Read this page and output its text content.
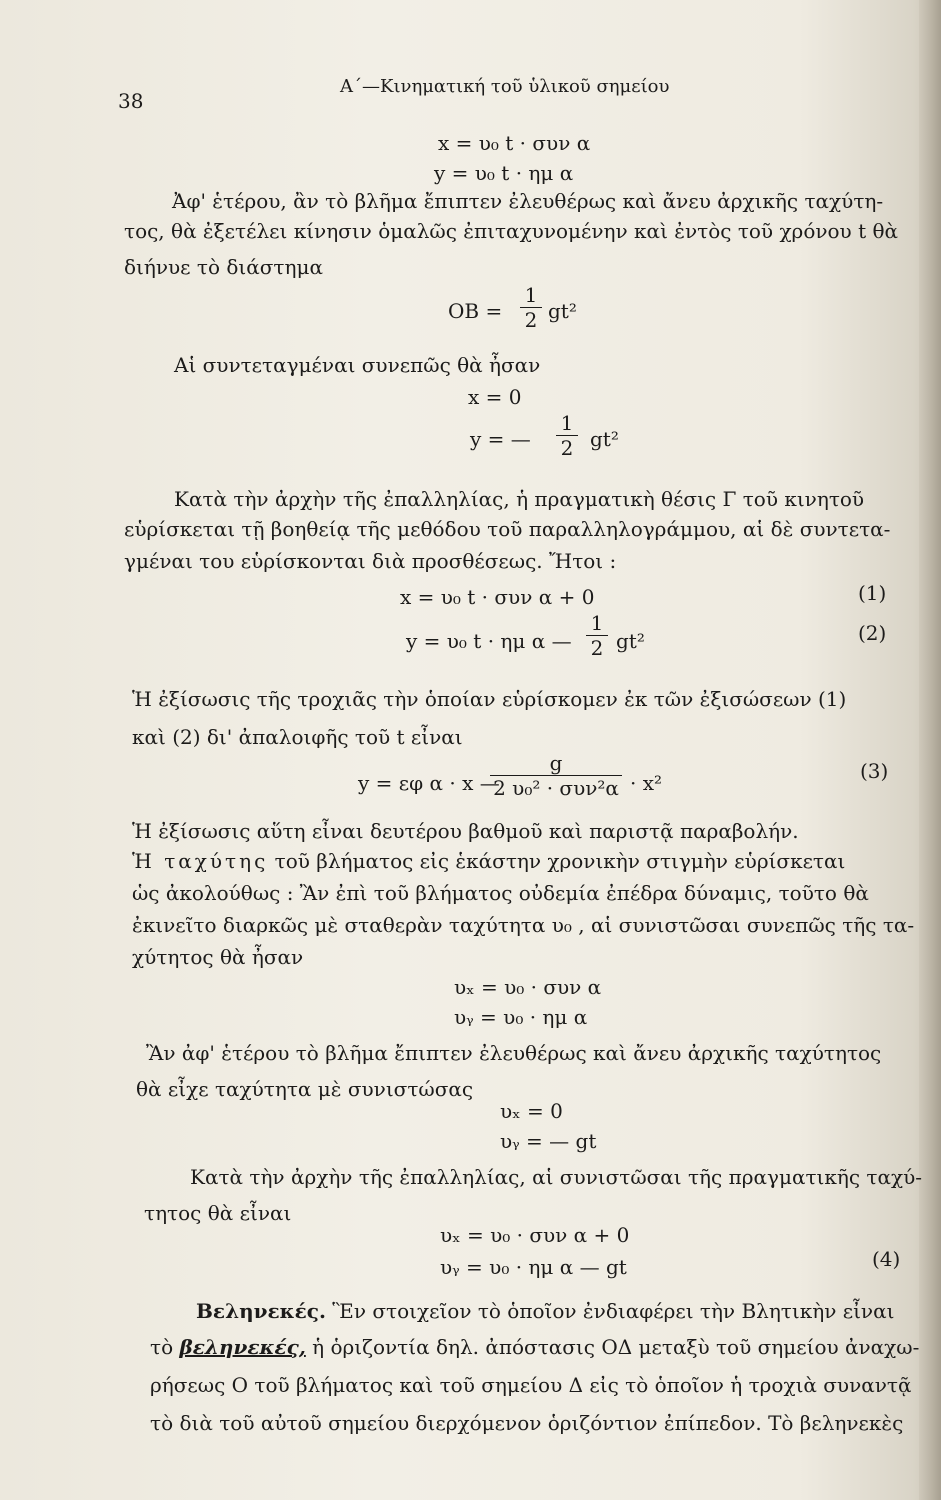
38
Α΄—Κινηματική τοῦ ὑλικοῦ σημείου
x = υ₀ t · συν α
y = υ₀ t · ημ α
Ἀφ' ἑτέρου, ἂν τὸ βλῆμα ἔπιπτεν ἐλευθέρως καὶ ἄνευ ἀρχικῆς ταχύτη-
τος, θὰ ἐξετέλει κίνησιν ὁμαλῶς ἐπιταχυνομένην καὶ ἐντὸς τοῦ χρόνου t θὰ
διήνυε τὸ διάστημα
OB =
1
2 gt²
Αἱ συντεταγμέναι συνεπῶς θὰ ἦσαν
x = 0
y = —
1
2 gt²
Κατὰ τὴν ἀρχὴν τῆς ἐπαλληλίας, ἡ πραγματικὴ θέσις Γ τοῦ κινητοῦ
εὑρίσκεται τῇ βοηθείᾳ τῆς μεθόδου τοῦ παραλληλογράμμου, αἱ δὲ συντετα-
γμέναι του εὑρίσκονται διὰ προσθέσεως. Ἤτοι :
x = υ₀ t · συν α + 0	(1)
y = υ₀ t · ημ α —
1
2 gt²	(2)
Ἡ ἐξίσωσις τῆς τροχιᾶς τὴν ὁποίαν εὑρίσκομεν ἐκ τῶν ἐξισώσεων (1)
καὶ (2) δι' ἀπαλοιφῆς τοῦ t εἶναι
y = εφ α · x —
g
2 υ₀² · συν²α · x²	(3)
Ἡ ἐξίσωσις αὕτη εἶναι δευτέρου βαθμοῦ καὶ παριστᾷ παραβολήν.
Ἡ ταχύτης τοῦ βλήματος εἰς ἑκάστην χρονικὴν στιγμὴν εὑρίσκεται
ὡς ἀκολούθως : Ἂν ἐπὶ τοῦ βλήματος οὐδεμία ἐπέδρα δύναμις, τοῦτο θὰ
ἐκινεῖτο διαρκῶς μὲ σταθερὰν ταχύτητα υ₀ , αἱ συνιστῶσαι συνεπῶς τῆς τα-
χύτητος θὰ ἦσαν
υₓ = υ₀ · συν α
υᵧ = υ₀ · ημ α
Ἂν ἀφ' ἑτέρου τὸ βλῆμα ἔπιπτεν ἐλευθέρως καὶ ἄνευ ἀρχικῆς ταχύτητος
θὰ εἶχε ταχύτητα μὲ συνιστώσας
υₓ = 0
υᵧ = — gt
Κατὰ τὴν ἀρχὴν τῆς ἐπαλληλίας, αἱ συνιστῶσαι τῆς πραγματικῆς ταχύ-
τητος θὰ εἶναι
υₓ = υ₀ · συν α + 0
υᵧ = υ₀ · ημ α — gt	(4)
Βεληνεκές. Ἓν στοιχεῖον τὸ ὁποῖον ἐνδιαφέρει τὴν Βλητικὴν εἶναι
τὸ βεληνεκές, ἡ ὁριζοντία δηλ. ἀπόστασις ΟΔ μεταξὺ τοῦ σημείου ἀναχω-
ρήσεως Ο τοῦ βλήματος καὶ τοῦ σημείου Δ εἰς τὸ ὁποῖον ἡ τροχιὰ συναντᾷ
τὸ διὰ τοῦ αὐτοῦ σημείου διερχόμενον ὁριζόντιον ἐπίπεδον. Τὸ βεληνεκὲς
